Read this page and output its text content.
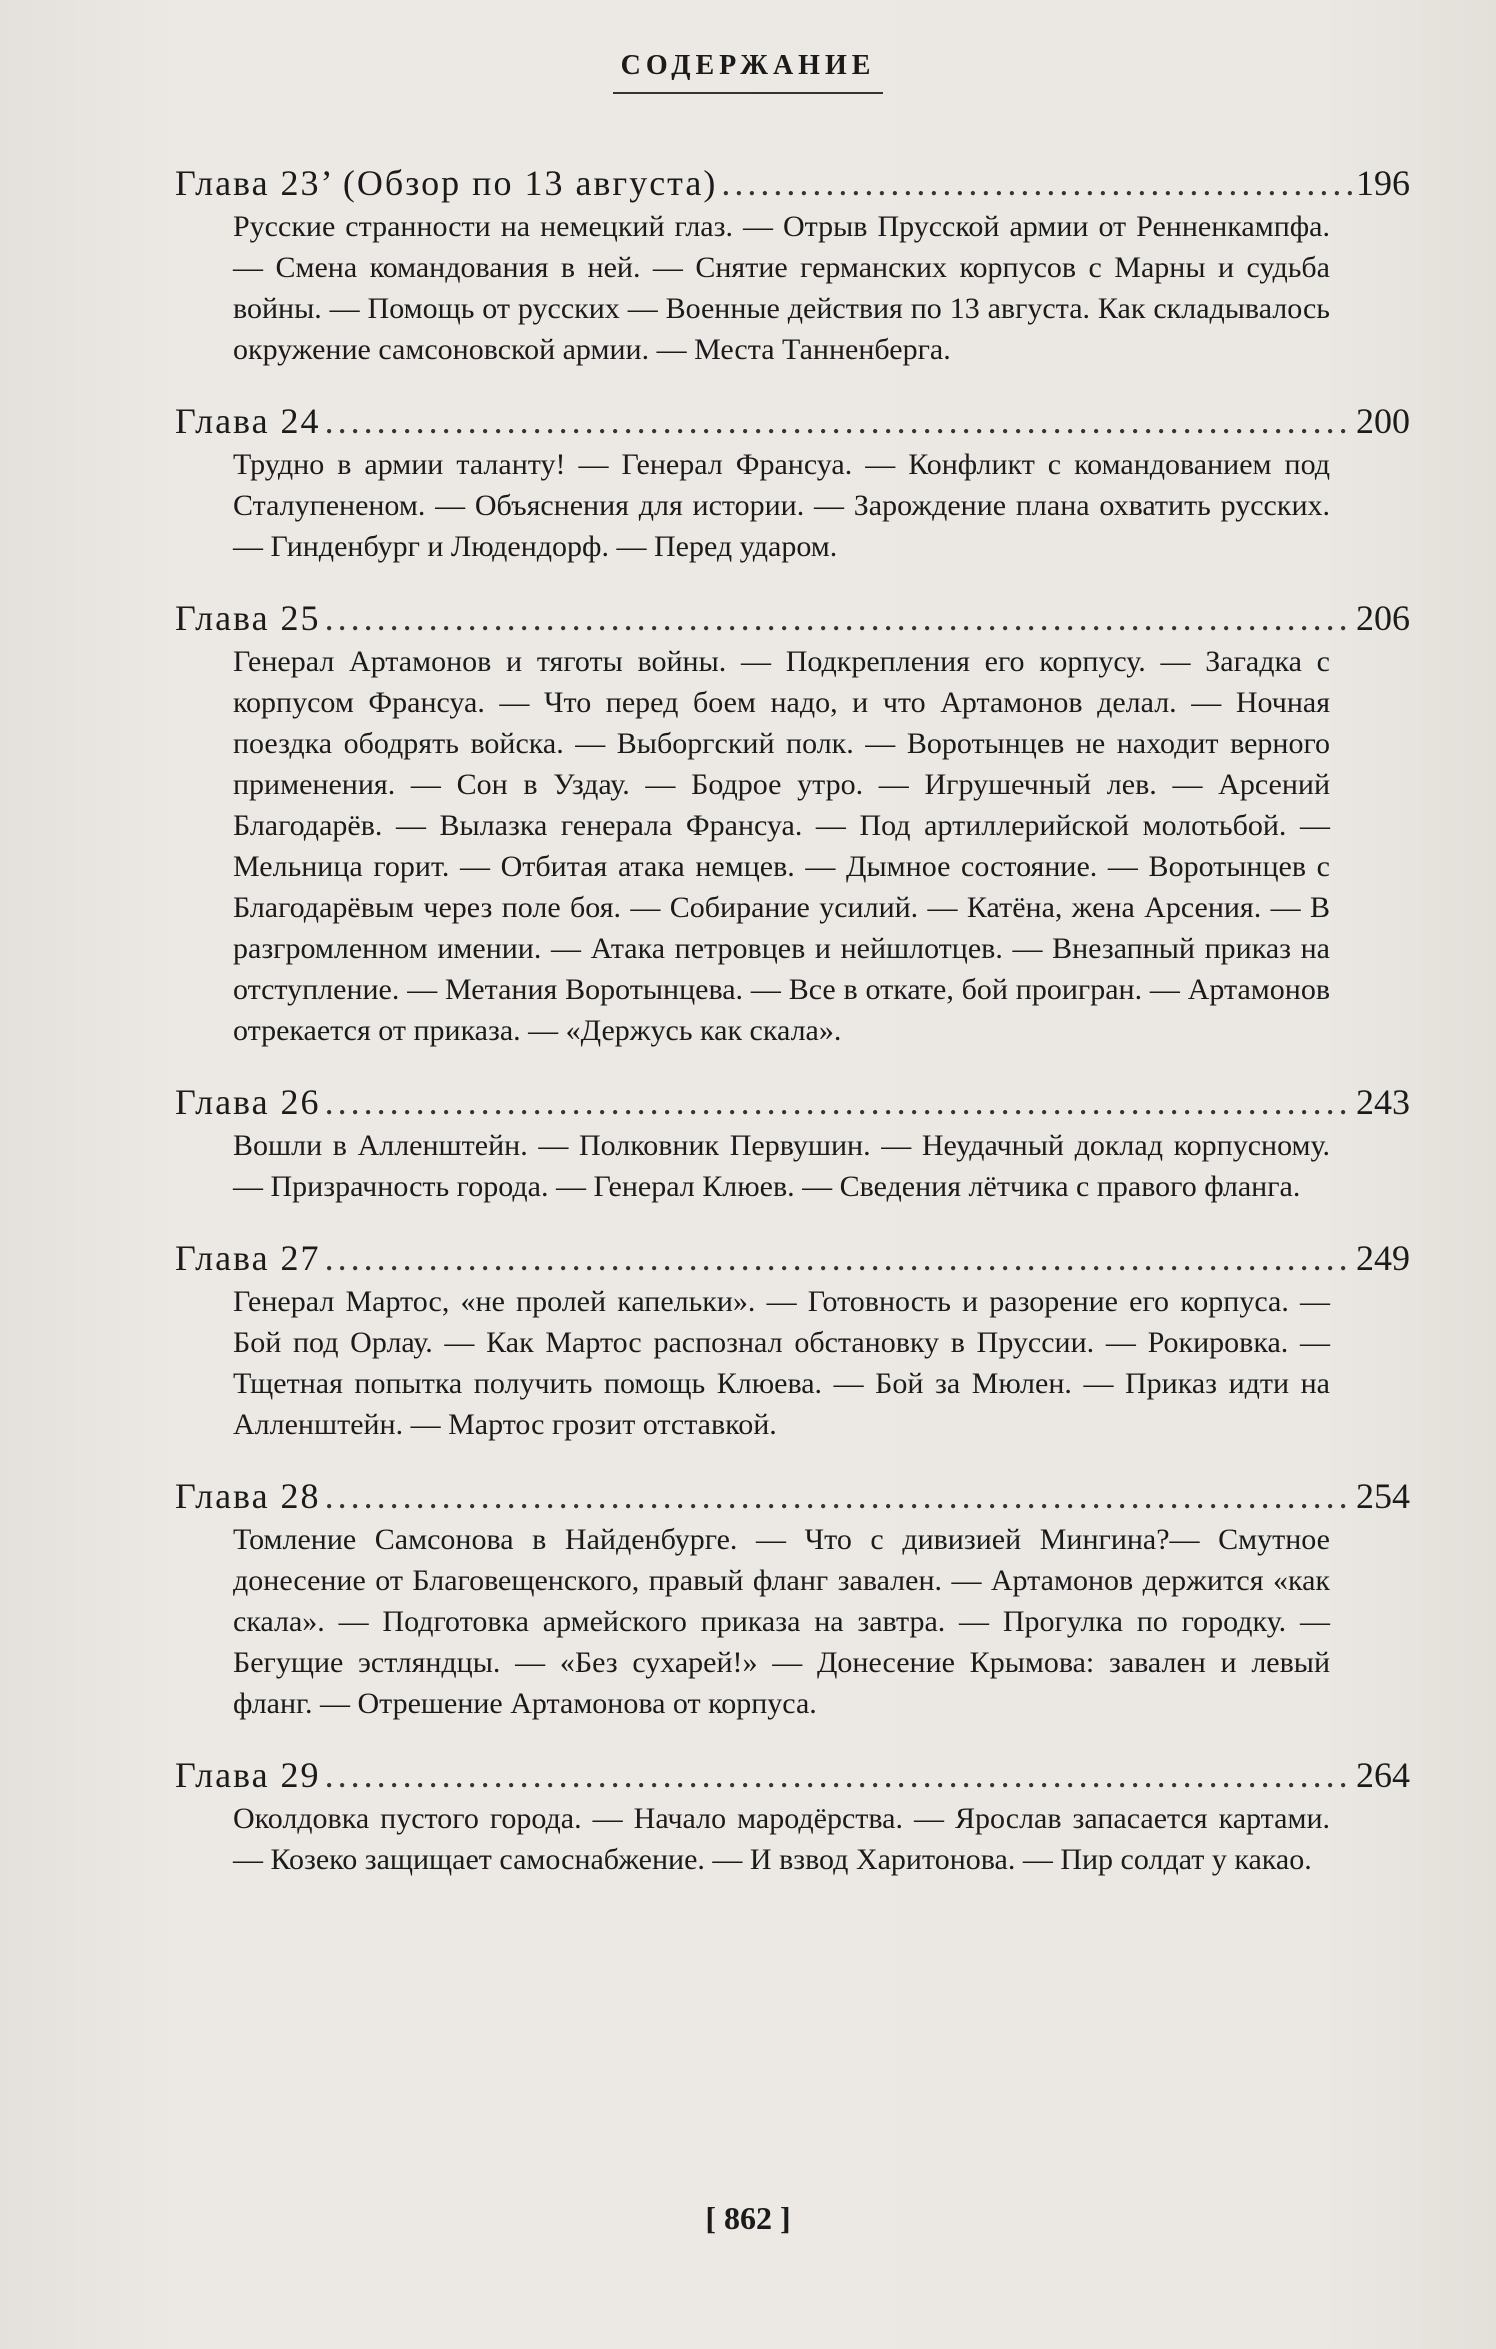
СОДЕРЖАНИЕ
Глава 23’ (Обзор по 13 августа) .....	196
Русские странности на немецкий глаз. — Отрыв Прусской армии от Ренненкампфа. — Смена командования в ней. — Снятие германских корпусов с Марны и судьба войны. — Помощь от русских — Военные действия по 13 августа. Как складывалось окружение самсоновской армии. — Места Танненберга.
Глава 24 .....	200
Трудно в армии таланту! — Генерал Франсуа. — Конфликт с командованием под Сталупененом. — Объяснения для истории. — Зарождение плана охватить русских. — Гинденбург и Людендорф. — Перед ударом.
Глава 25 .....	206
Генерал Артамонов и тяготы войны. — Подкрепления его корпусу. — Загадка с корпусом Франсуа. — Что перед боем надо, и что Артамонов делал. — Ночная поездка ободрять войска. — Выборгский полк. — Воротынцев не находит верного применения. — Сон в Уздау. — Бодрое утро. — Игрушечный лев. — Арсений Благодарёв. — Вылазка генерала Франсуа. — Под артиллерийской молотьбой. — Мельница горит. — Отбитая атака немцев. — Дымное состояние. — Воротынцев с Благодарёвым через поле боя. — Собирание усилий. — Катёна, жена Арсения. — В разгромленном имении. — Атака петровцев и нейшлотцев. — Внезапный приказ на отступление. — Метания Воротынцева. — Все в откате, бой проигран. — Артамонов отрекается от приказа. — «Держусь как скала».
Глава 26 .....	243
Вошли в Алленштейн. — Полковник Первушин. — Неудачный доклад корпусному. — Призрачность города. — Генерал Клюев. — Сведения лётчика с правого фланга.
Глава 27 .....	249
Генерал Мартос, «не пролей капельки». — Готовность и разорение его корпуса. — Бой под Орлау. — Как Мартос распознал обстановку в Пруссии. — Рокировка. — Тщетная попытка получить помощь Клюева. — Бой за Мюлен. — Приказ идти на Алленштейн. — Мартос грозит отставкой.
Глава 28 .....	254
Томление Самсонова в Найденбурге. — Что с дивизией Мингина?— Смутное донесение от Благовещенского, правый фланг завален. — Артамонов держится «как скала». — Подготовка армейского приказа на завтра. — Прогулка по городку. — Бегущие эстляндцы. — «Без сухарей!» — Донесение Крымова: завален и левый фланг. — Отрешение Артамонова от корпуса.
Глава 29 .....	264
Околдовка пустого города. — Начало мародёрства. — Ярослав запасается картами. — Козеко защищает самоснабжение. — И взвод Харитонова. — Пир солдат у какао.
[ 862 ]
